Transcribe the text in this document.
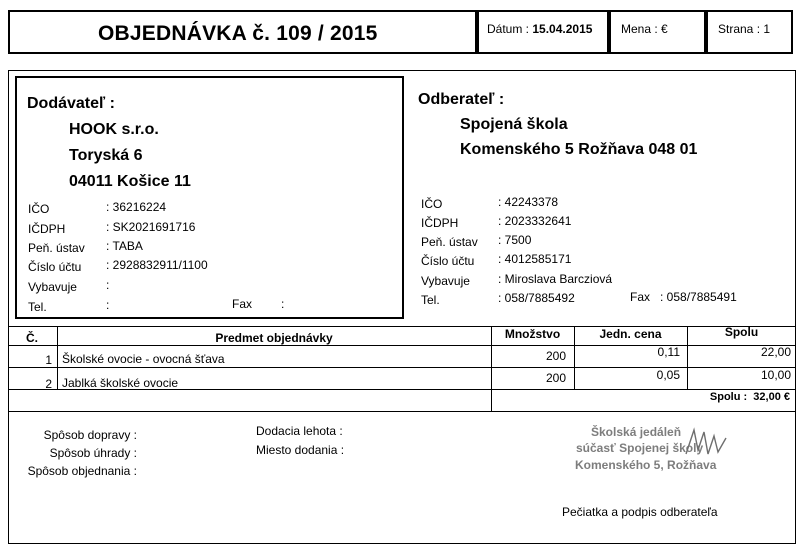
OBJEDNÁVKA č. 109 / 2015	Dátum : 15.04.2015 Mena : €	Strana : 1
Dodávateľ :
HOOK s.r.o.
Toryská 6
04011 Košice 11
IČO	: 36216224
IČDPH	: SK2021691716
Peň. ústav : TABA
Číslo účtu : 2928832911/1100
Vybavuje :
Tel.	:	Fax :
Odberateľ :
Spojená škola
Komenského 5 Rožňava 048 01
IČO	: 42243378
IČDPH	: 2023332641
Peň. ústav : 7500
Číslo účtu : 4012585171
Vybavuje : Miroslava Barcziová
Tel.	: 058/7885492	Fax : 058/7885491
Č.	Predmet objednávky	Množstvo	Jedn. cena	Spolu
1 Školské ovocie - ovocná šťava	200	0,11	22,00
2 Jablká školské ovocie	200	0,05	10,00
Spolu : 32,00 €
Spôsob dopravy :
Spôsob úhrady :
Spôsob objednania :
Dodacia lehota :
Miesto dodania :
Školská jedáleň
súčasť Spojenej školy
Komenského 5, Rožňava
Pečiatka a podpis odberateľa
